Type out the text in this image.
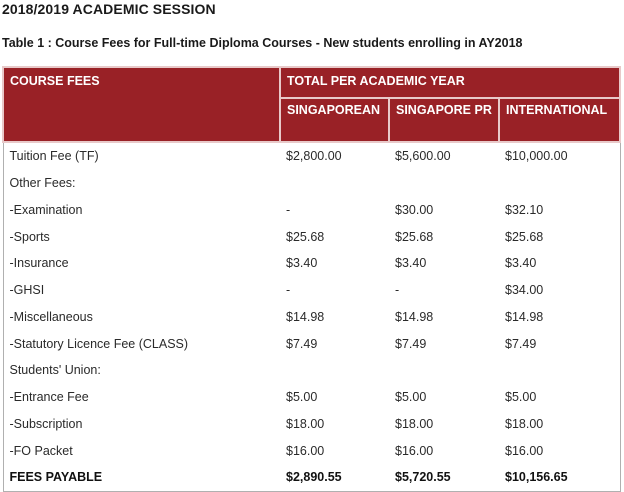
2018/2019 ACADEMIC SESSION
Table 1 : Course Fees for Full-time Diploma Courses - New students enrolling in AY2018
COURSE FEES	TOTAL PER ACADEMIC YEAR		
	SINGAPOREAN	SINGAPORE PR	INTERNATIONAL
Tuition Fee (TF)	$2,800.00	$5,600.00	$10,000.00
Other Fees:			
-Examination	-	$30.00	$32.10
-Sports	$25.68	$25.68	$25.68
-Insurance	$3.40	$3.40	$3.40
-GHSI	-	-	$34.00
-Miscellaneous	$14.98	$14.98	$14.98
-Statutory Licence Fee (CLASS)	$7.49	$7.49	$7.49
Students' Union:			
-Entrance Fee	$5.00	$5.00	$5.00
-Subscription	$18.00	$18.00	$18.00
-FO Packet	$16.00	$16.00	$16.00
FEES PAYABLE	$2,890.55	$5,720.55	$10,156.65
